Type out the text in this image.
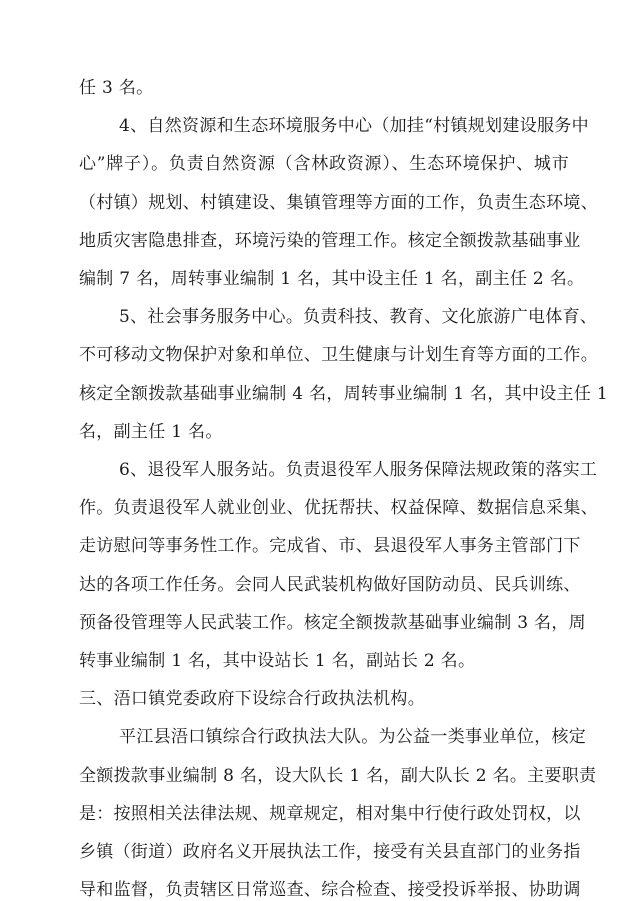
任 3 名。
4、自然资源和生态环境服务中心（加挂“村镇规划建设服务中
心”牌子）。负责自然资源（含林政资源）、生态环境保护、城市
（村镇）规划、村镇建设、集镇管理等方面的工作，负责生态环境、
地质灾害隐患排查，环境污染的管理工作。核定全额拨款基础事业
编制 7 名，周转事业编制 1 名，其中设主任 1 名，副主任 2 名。
5、社会事务服务中心。负责科技、教育、文化旅游广电体育、
不可移动文物保护对象和单位、卫生健康与计划生育等方面的工作。
核定全额拨款基础事业编制 4 名，周转事业编制 1 名，其中设主任 1
名，副主任 1 名。
6、退役军人服务站。负责退役军人服务保障法规政策的落实工
作。负责退役军人就业创业、优抚帮扶、权益保障、数据信息采集、
走访慰问等事务性工作。完成省、市、县退役军人事务主管部门下
达的各项工作任务。会同人民武装机构做好国防动员、民兵训练、
预备役管理等人民武装工作。核定全额拨款基础事业编制 3 名，周
转事业编制 1 名，其中设站长 1 名，副站长 2 名。
三、浯口镇党委政府下设综合行政执法机构。
平江县浯口镇综合行政执法大队。为公益一类事业单位，核定
全额拨款事业编制 8 名，设大队长 1 名，副大队长 2 名。主要职责
是：按照相关法律法规、规章规定，相对集中行使行政处罚权，以
乡镇（街道）政府名义开展执法工作，接受有关县直部门的业务指
导和监督，负责辖区日常巡查、综合检查、接受投诉举报、协助调
